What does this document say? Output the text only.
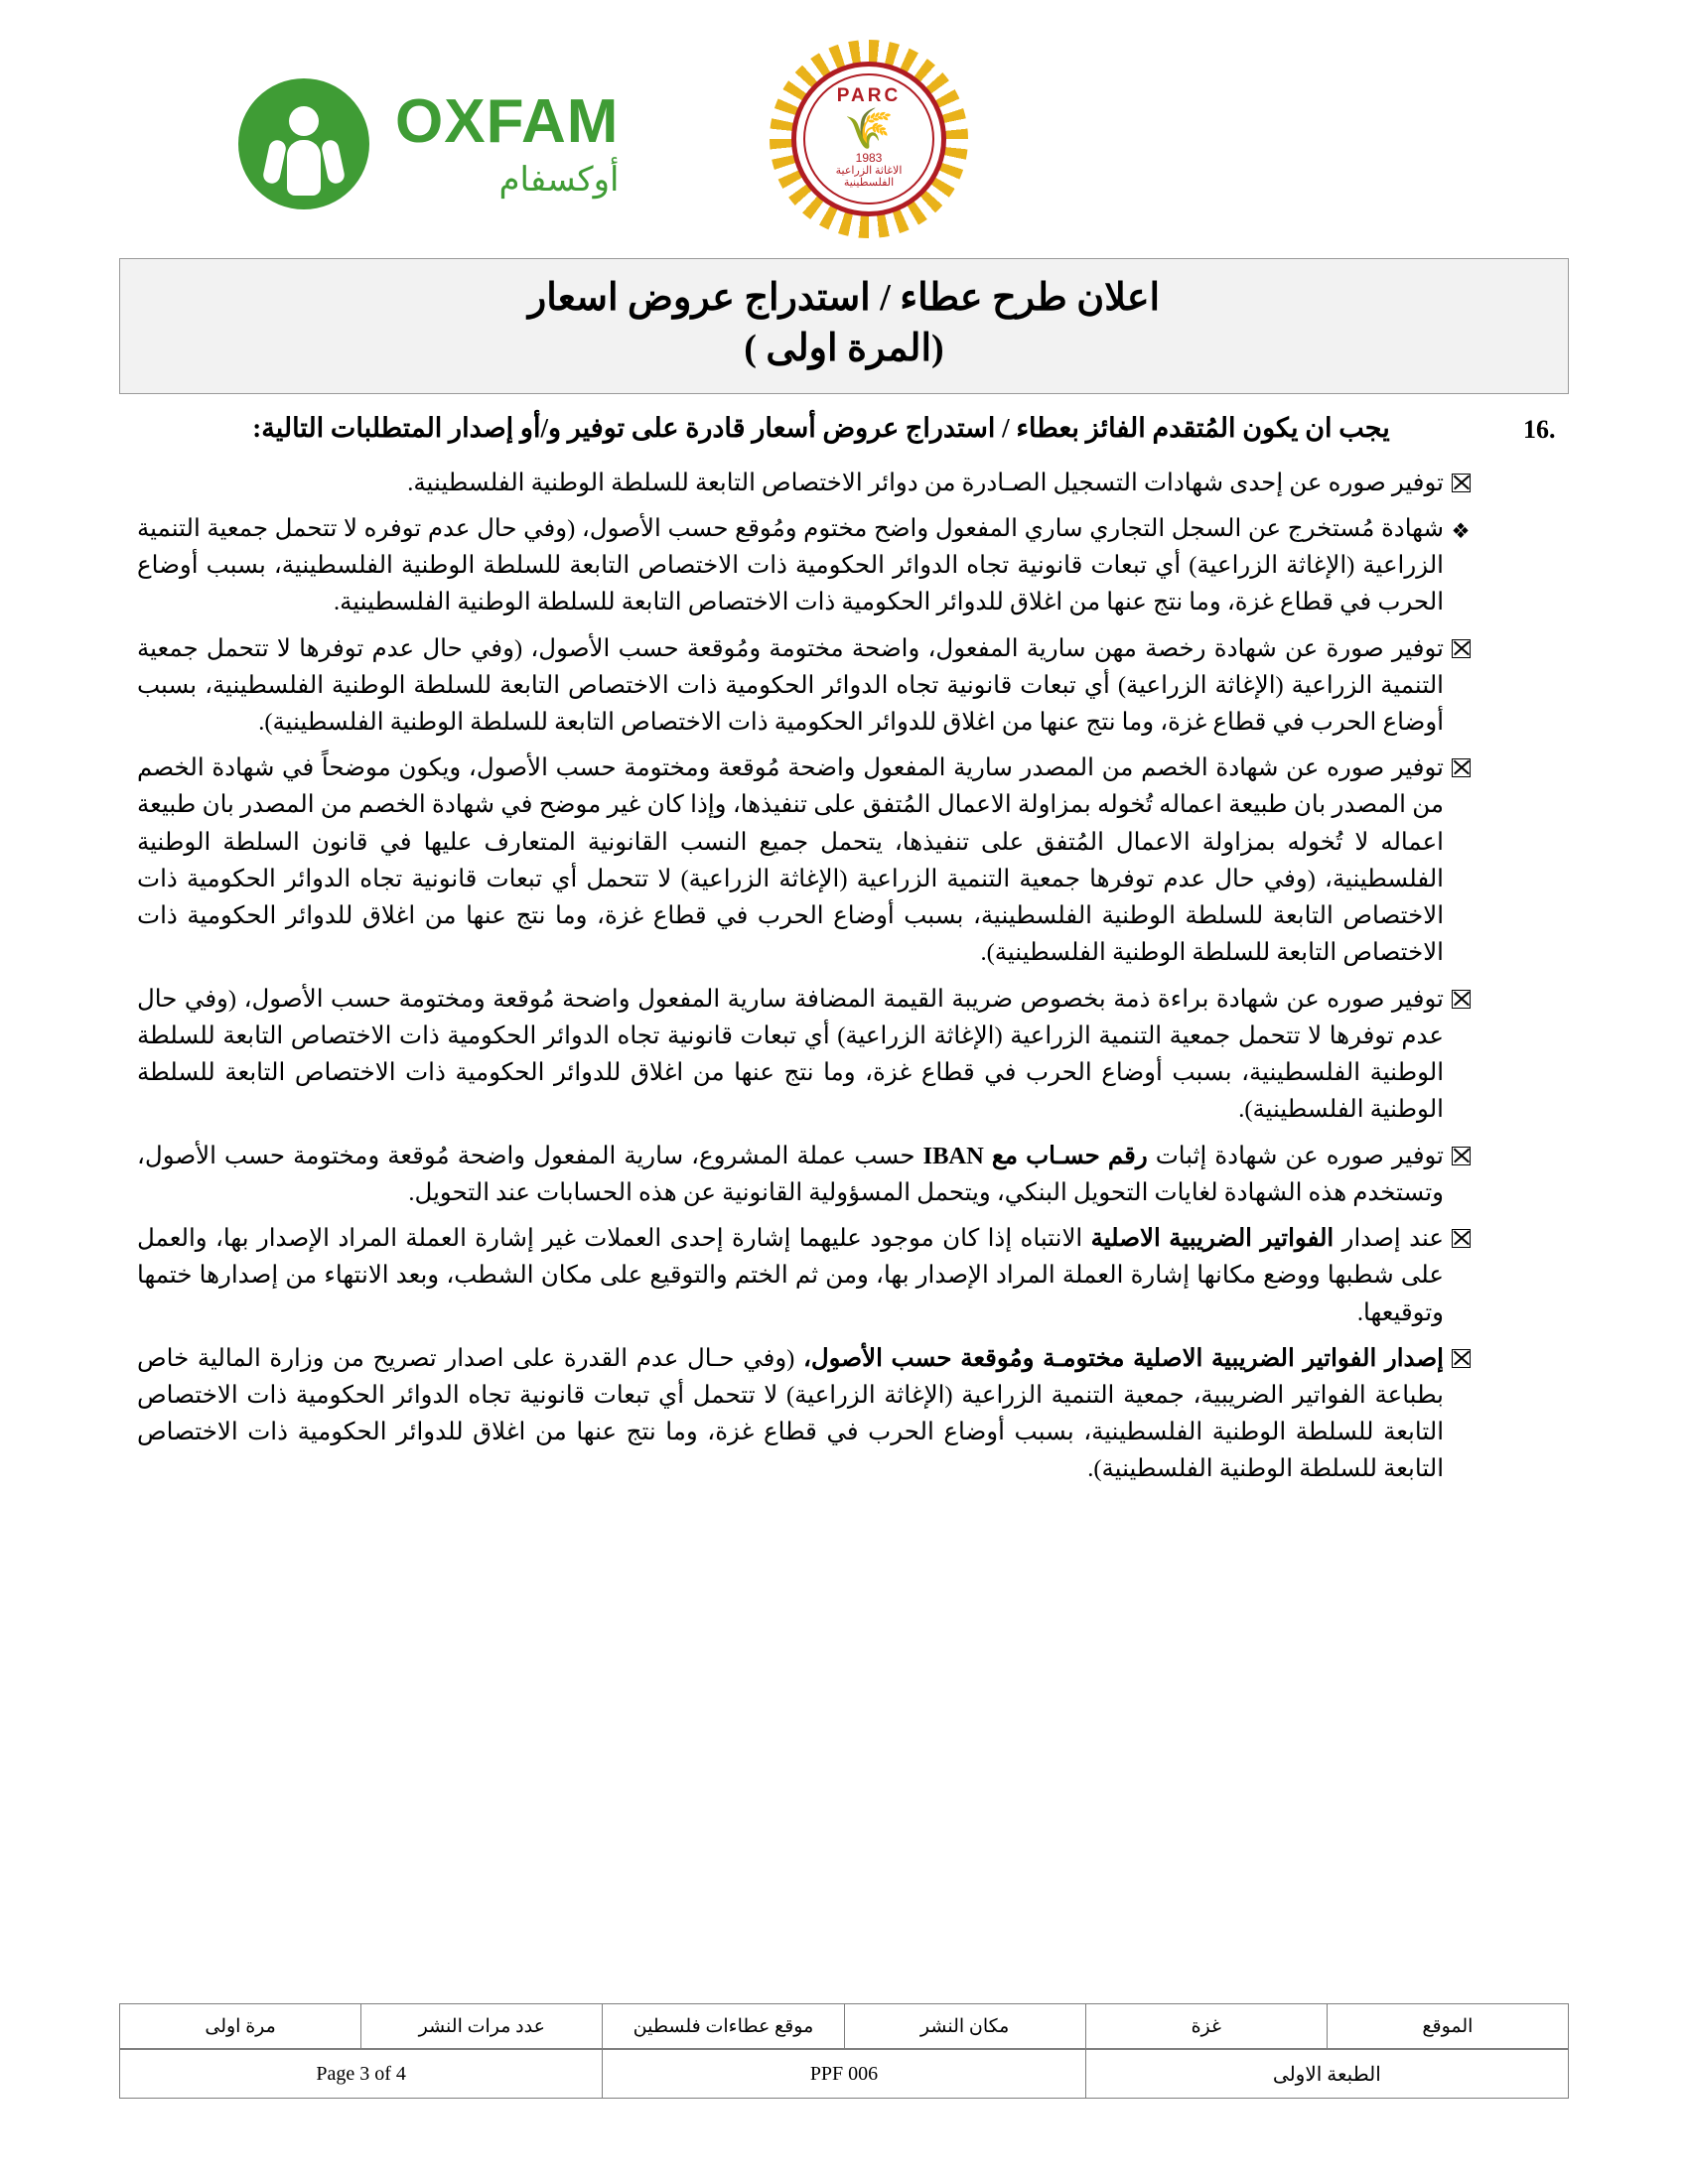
OXFAM
أوكسفام
PARC
🌾
1983
الاغاثة الزراعية الفلسطينية
اعلان طرح عطاء / استدراج عروض اسعار
(المرة اولى )
16.
يجب ان يكون المُتقدم الفائز بعطاء / استدراج عروض أسعار قادرة على توفير و/أو إصدار المتطلبات التالية:
توفير صوره عن إحدى شهادات التسجيل الصـادرة من دوائر الاختصاص التابعة للسلطة الوطنية الفلسطينية.
❖
شهادة مُستخرج عن السجل التجاري ساري المفعول واضح مختوم ومُوقع حسب الأصول، (وفي حال عدم توفره لا تتحمل جمعية التنمية الزراعية (الإغاثة الزراعية) أي تبعات قانونية تجاه الدوائر الحكومية ذات الاختصاص التابعة للسلطة الوطنية الفلسطينية، بسبب أوضاع الحرب في قطاع غزة، وما نتج عنها من اغلاق للدوائر الحكومية ذات الاختصاص التابعة للسلطة الوطنية الفلسطينية.
توفير صورة عن شهادة رخصة مهن سارية المفعول، واضحة مختومة ومُوقعة حسب الأصول، (وفي حال عدم توفرها لا تتحمل جمعية التنمية الزراعية (الإغاثة الزراعية) أي تبعات قانونية تجاه الدوائر الحكومية ذات الاختصاص التابعة للسلطة الوطنية الفلسطينية، بسبب أوضاع الحرب في قطاع غزة، وما نتج عنها من اغلاق للدوائر الحكومية ذات الاختصاص التابعة للسلطة الوطنية الفلسطينية).
توفير صوره عن شهادة الخصم من المصدر سارية المفعول واضحة مُوقعة ومختومة حسب الأصول، ويكون موضحاً في شهادة الخصم من المصدر بان طبيعة اعماله تُخوله بمزاولة الاعمال المُتفق على تنفيذها، وإذا كان غير موضح في شهادة الخصم من المصدر بان طبيعة اعماله لا تُخوله بمزاولة الاعمال المُتفق على تنفيذها، يتحمل جميع النسب القانونية المتعارف عليها في قانون السلطة الوطنية الفلسطينية، (وفي حال عدم توفرها جمعية التنمية الزراعية (الإغاثة الزراعية) لا تتحمل أي تبعات قانونية تجاه الدوائر الحكومية ذات الاختصاص التابعة للسلطة الوطنية الفلسطينية، بسبب أوضاع الحرب في قطاع غزة، وما نتج عنها من اغلاق للدوائر الحكومية ذات الاختصاص التابعة للسلطة الوطنية الفلسطينية).
توفير صوره عن شهادة براءة ذمة بخصوص ضريبة القيمة المضافة سارية المفعول واضحة مُوقعة ومختومة حسب الأصول، (وفي حال عدم توفرها لا تتحمل جمعية التنمية الزراعية (الإغاثة الزراعية) أي تبعات قانونية تجاه الدوائر الحكومية ذات الاختصاص التابعة للسلطة الوطنية الفلسطينية، بسبب أوضاع الحرب في قطاع غزة، وما نتج عنها من اغلاق للدوائر الحكومية ذات الاختصاص التابعة للسلطة الوطنية الفلسطينية).
توفير صوره عن شهادة إثبات رقم حسـاب مع IBAN حسب عملة المشروع، سارية المفعول واضحة مُوقعة ومختومة حسب الأصول، وتستخدم هذه الشهادة لغايات التحويل البنكي، ويتحمل المسؤولية القانونية عن هذه الحسابات عند التحويل.
عند إصدار الفواتير الضريبية الاصلية الانتباه إذا كان موجود عليهما إشارة إحدى العملات غير إشارة العملة المراد الإصدار بها، والعمل على شطبها ووضع مكانها إشارة العملة المراد الإصدار بها، ومن ثم الختم والتوقيع على مكان الشطب، وبعد الانتهاء من إصدارها ختمها وتوقيعها.
إصدار الفواتير الضريبية الاصلية مختومـة ومُوقعة حسب الأصول، (وفي حـال عدم القدرة على اصدار تصريح من وزارة المالية خاص بطباعة الفواتير الضريبية، جمعية التنمية الزراعية (الإغاثة الزراعية) لا تتحمل أي تبعات قانونية تجاه الدوائر الحكومية ذات الاختصاص التابعة للسلطة الوطنية الفلسطينية، بسبب أوضاع الحرب في قطاع غزة، وما نتج عنها من اغلاق للدوائر الحكومية ذات الاختصاص التابعة للسلطة الوطنية الفلسطينية).
الموقع	غزة	مكان النشر	موقع عطاءات فلسطين	عدد مرات النشر	مرة اولى
الطبعة الاولى	PPF 006	Page 3 of 4
